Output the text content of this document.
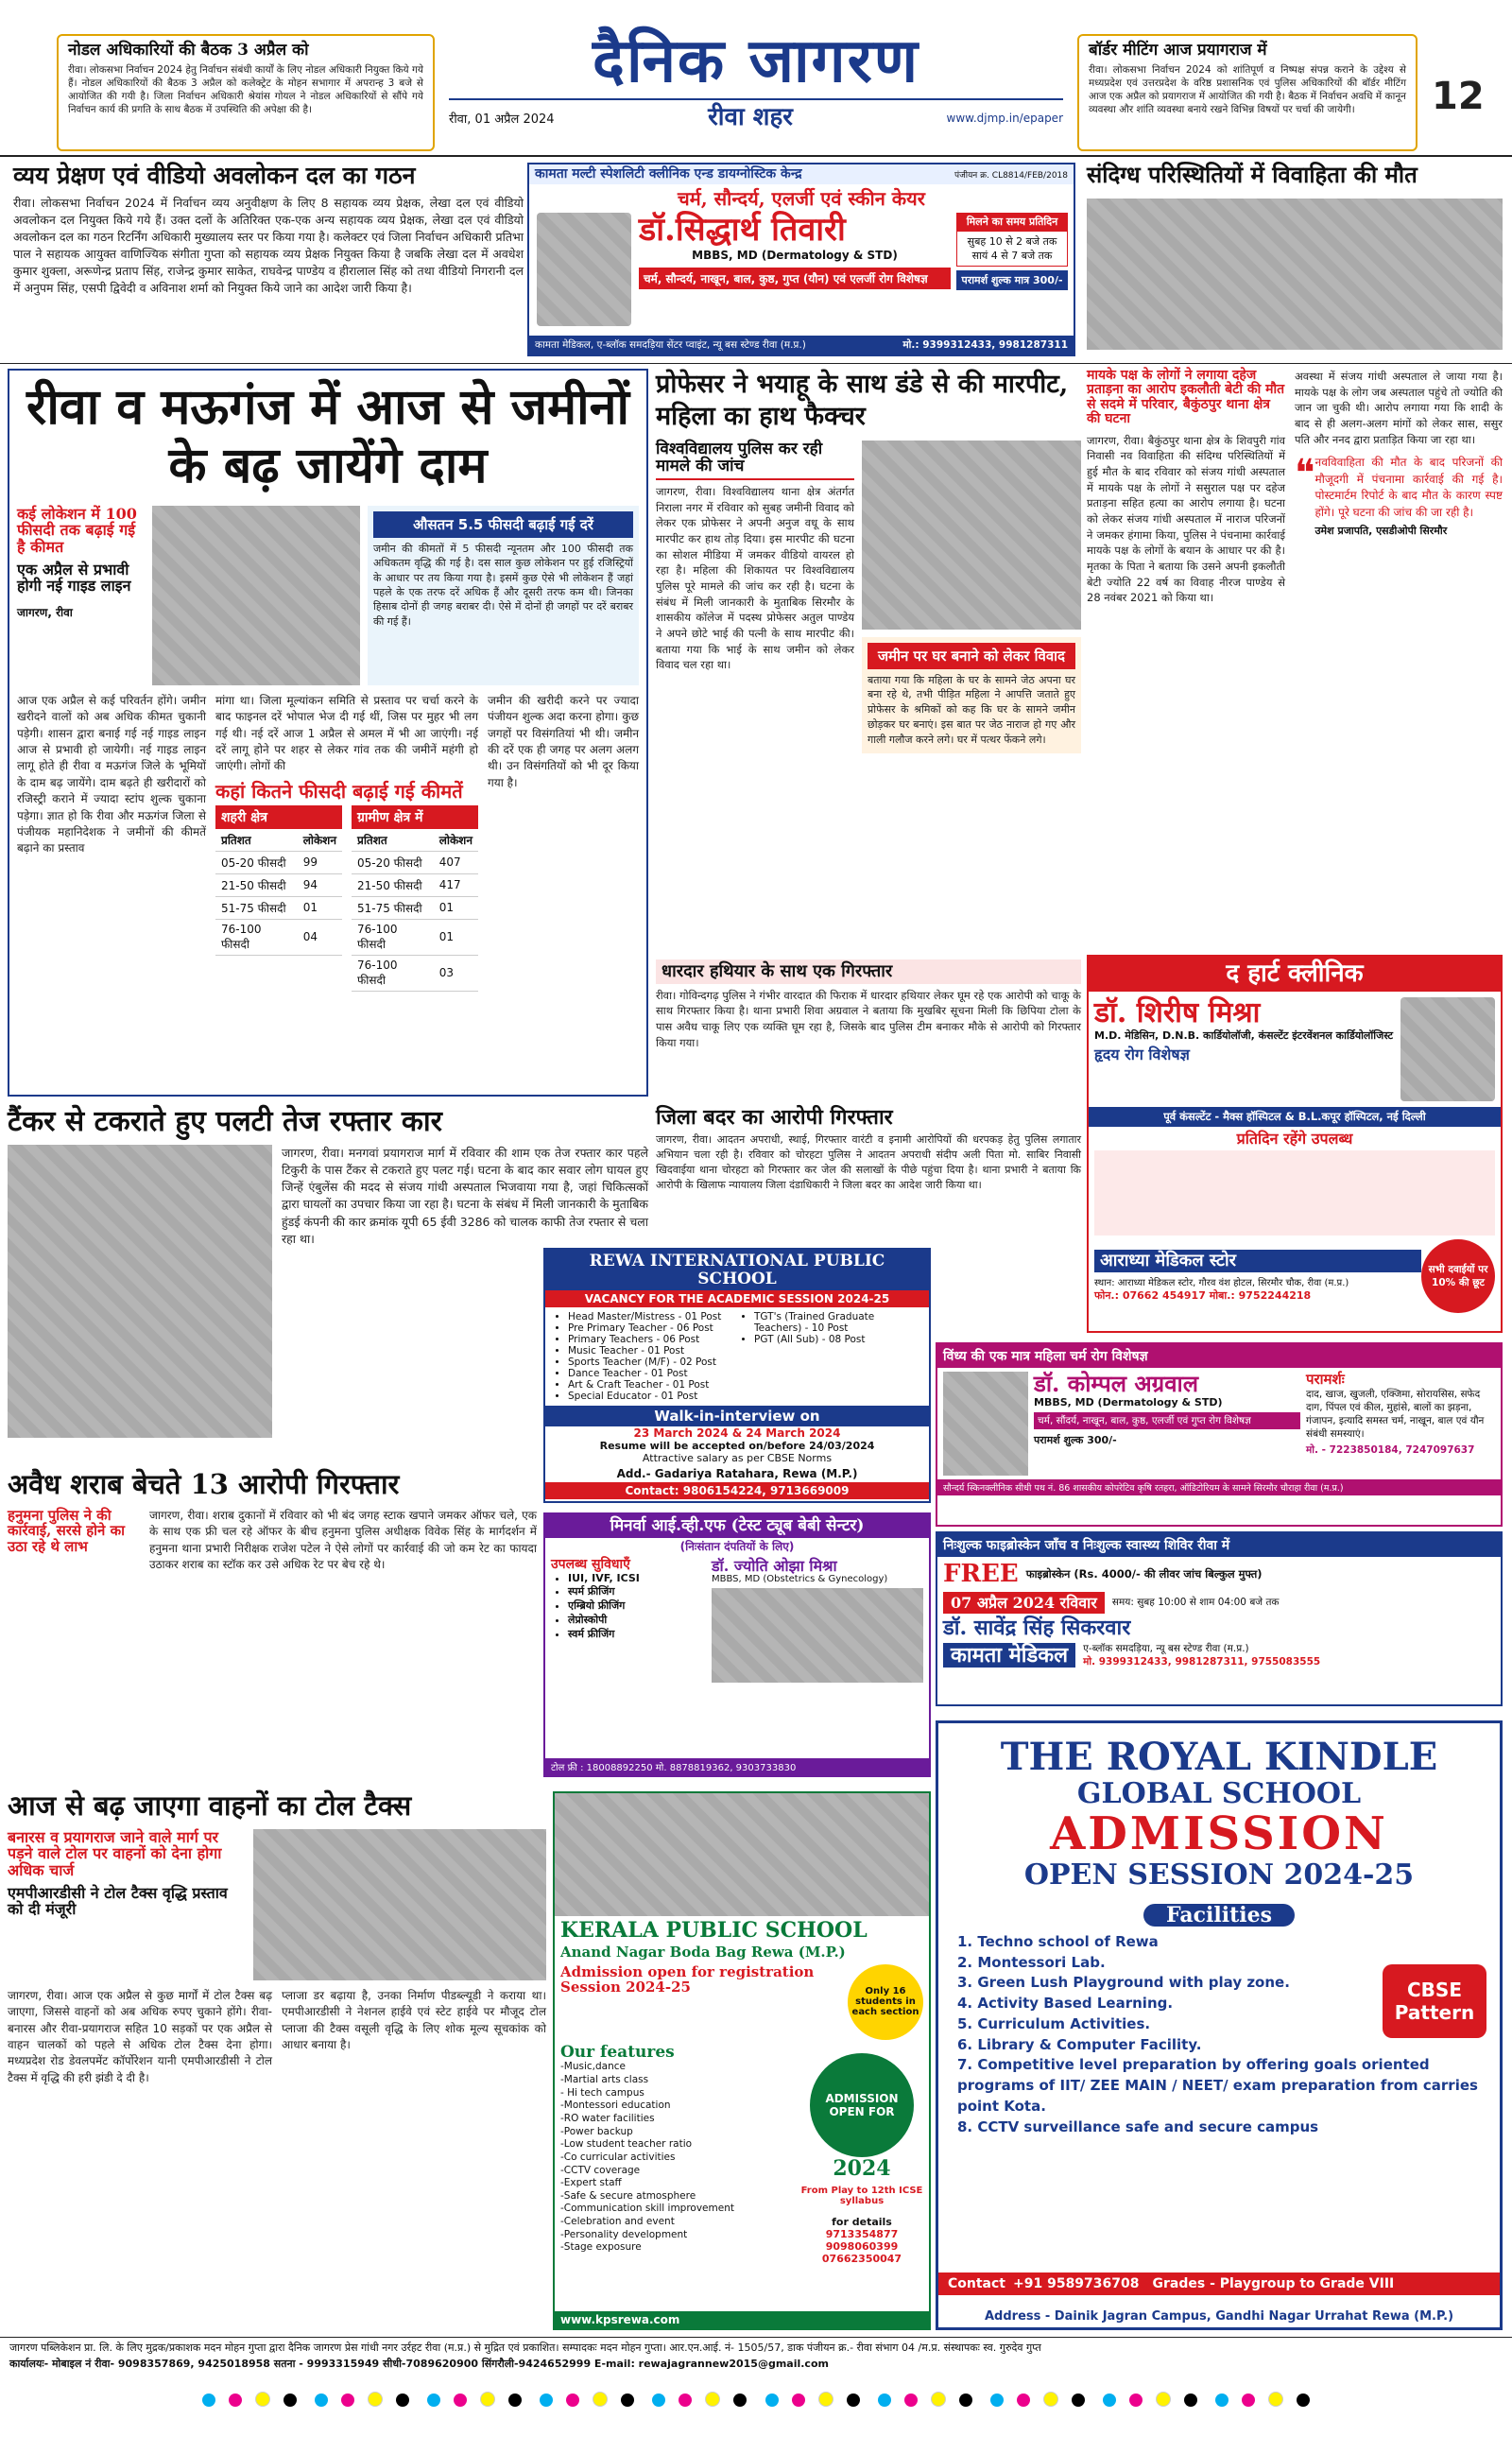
नोडल अधिकारियों की बैठक 3 अप्रैल को
रीवा। लोकसभा निर्वाचन 2024 हेतु निर्वाचन संबंधी कार्यों के लिए नोडल अधिकारी नियुक्त किये गये हैं। नोडल अधिकारियों की बैठक 3 अप्रैल को कलेक्ट्रेट के मोहन सभागार में अपरान्ह 3 बजे से आयोजित की गयी है। जिला निर्वाचन अधिकारी श्रेयांस गोयल ने नोडल अधिकारियों से सौंपे गये निर्वाचन कार्य की प्रगति के साथ बैठक में उपस्थिति की अपेक्षा की है।
दैनिक जागरण
रीवा, 01 अप्रैल 2024	रीवा शहर	www.djmp.in/epaper
बॉर्डर मीटिंग आज प्रयागराज में
रीवा। लोकसभा निर्वाचन 2024 को शांतिपूर्ण व निष्पक्ष संपन्न कराने के उद्देश्य से मध्यप्रदेश एवं उत्तरप्रदेश के वरिष्ठ प्रशासनिक एवं पुलिस अधिकारियों की बॉर्डर मीटिंग आज एक अप्रैल को प्रयागराज में आयोजित की गयी है। बैठक में निर्वाचन अवधि में कानून व्यवस्था और शांति व्यवस्था बनाये रखने विभिन्न विषयों पर चर्चा की जायेगी।	12
व्यय प्रेक्षण एवं वीडियो अवलोकन दल का गठन
रीवा। लोकसभा निर्वाचन 2024 में निर्वाचन व्यय अनुवीक्षण के लिए 8 सहायक व्यय प्रेक्षक, लेखा दल एवं वीडियो अवलोकन दल नियुक्त किये गये हैं। उक्त दलों के अतिरिक्त एक-एक अन्य सहायक व्यय प्रेक्षक, लेखा दल एवं वीडियो अवलोकन दल का गठन रिटर्निंग अधिकारी मुख्यालय स्तर पर किया गया है। कलेक्टर एवं जिला निर्वाचन अधिकारी प्रतिभा पाल ने सहायक आयुक्त वाणिज्यिक संगीता गुप्ता को सहायक व्यय प्रेक्षक नियुक्त किया है जबकि लेखा दल में अवधेश कुमार शुक्ला, अरूणेन्द्र प्रताप सिंह, राजेन्द्र कुमार साकेत, राघवेन्द्र पाण्डेय व हीरालाल सिंह को तथा वीडियो निगरानी दल में अनुपम सिंह, एसपी द्विवेदी व अविनाश शर्मा को नियुक्त किये जाने का आदेश जारी किया है।
कामता मल्टी स्पेशलिटी क्लीनिक एन्ड डायग्नोस्टिक केन्द्र	पंजीयन क्र. CL8814/FEB/2018
चर्म, सौन्दर्य, एलर्जी एवं स्कीन केयर
डॉ.सिद्धार्थ तिवारी
MBBS, MD (Dermatology & STD)
चर्म, सौन्दर्य, नाखून, बाल, कुष्ठ, गुप्त (यौन) एवं एलर्जी रोग विशेषज्ञ
मिलने का समय प्रतिदिन
सुबह 10 से 2 बजे तक सायं 4 से 7 बजे तक
परामर्श शुल्क मात्र 300/-
कामता मेडिकल, ए-ब्लॉक समदड़िया सेंटर प्वाइंट, न्यू बस स्टेण्ड रीवा (म.प्र.)	मो.: 9399312433, 9981287311
संदिग्ध परिस्थितियों में विवाहिता की मौत
रीवा व मऊगंज में आज से जमीनों के बढ़ जायेंगे दाम
कई लोकेशन में 100 फीसदी तक बढ़ाई गई है कीमत
एक अप्रैल से प्रभावी होगी नई गाइड लाइन
जागरण, रीवा
औसतन 5.5 फीसदी बढ़ाई गई दरें
जमीन की कीमतों में 5 फीसदी न्यूनतम और 100 फीसदी तक अधिकतम वृद्धि की गई है। दस साल कुछ लोकेशन पर हुई रजिस्ट्रियों के आधार पर तय किया गया है। इसमें कुछ ऐसे भी लोकेशन हैं जहां पहले के एक तरफ दरें अधिक हैं और दूसरी तरफ कम थी। जिनका हिसाब दोनों ही जगह बराबर दी। ऐसे में दोनों ही जगहों पर दरें बराबर की गई हैं।
आज एक अप्रैल से कई परिवर्तन होंगे। जमीन खरीदने वालों को अब अधिक कीमत चुकानी पड़ेगी। शासन द्वारा बनाई गई नई गाइड लाइन आज से प्रभावी हो जायेगी। नई गाइड लाइन लागू होते ही रीवा व मऊगंज जिले के भूमियों के दाम बढ़ जायेंगे। दाम बढ़ते ही खरीदारों को रजिस्ट्री कराने में ज्यादा स्टांप शुल्क चुकाना पड़ेगा। ज्ञात हो कि रीवा और मऊगंज जिला से पंजीयक महानिदेशक ने जमीनों की कीमतें बढ़ाने का प्रस्ताव
मांगा था। जिला मूल्यांकन समिति से प्रस्ताव पर चर्चा करने के बाद फाइनल दरें भोपाल भेज दी गई थीं, जिस पर मुहर भी लग गई थी। नई दरें आज 1 अप्रैल से अमल में भी आ जाएंगी। नई दरें लागू होने पर शहर से लेकर गांव तक की जमीनें महंगी हो जाएंगी। लोगों की
कहां कितने फीसदी बढ़ाई गई कीमतें
शहरी क्षेत्र
प्रतिशत	लोकेशन
05-20 फीसदी	99
21-50 फीसदी	94
51-75 फीसदी	01
76-100 फीसदी	04
ग्रामीण क्षेत्र में
प्रतिशत	लोकेशन
05-20 फीसदी	407
21-50 फीसदी	417
51-75 फीसदी	01
76-100 फीसदी	01
76-100 फीसदी	03
जमीन की खरीदी करने पर ज्यादा पंजीयन शुल्क अदा करना होगा। कुछ जगहों पर विसंगतियां भी थी। जमीन की दरें एक ही जगह पर अलग अलग थी। उन विसंगतियों को भी दूर किया गया है।
प्रोफेसर ने भयाहू के साथ डंडे से की मारपीट, महिला का हाथ फैक्चर
विश्वविद्यालय पुलिस कर रही मामले की जांच
जागरण, रीवा। विश्वविद्यालय थाना क्षेत्र अंतर्गत निराला नगर में रविवार को सुबह जमीनी विवाद को लेकर एक प्रोफेसर ने अपनी अनुज वधू के साथ मारपीट कर हाथ तोड़ दिया। इस मारपीट की घटना का सोशल मीडिया में जमकर वीडियो वायरल हो रहा है। महिला की शिकायत पर विश्वविद्यालय पुलिस पूरे मामले की जांच कर रही है। घटना के संबंध में मिली जानकारी के मुताबिक सिरमौर के शासकीय कॉलेज में पदस्थ प्रोफेसर अतुल पाण्डेय ने अपने छोटे भाई की पत्नी के साथ मारपीट की। बताया गया कि भाई के साथ जमीन को लेकर विवाद चल रहा था।
जमीन पर घर बनाने को लेकर विवाद
बताया गया कि महिला के घर के सामने जेठ अपना घर बना रहे थे, तभी पीड़ित महिला ने आपत्ति जताते हुए प्रोफेसर के श्रमिकों को कह कि घर के सामने जमीन छोड़कर घर बनाएं। इस बात पर जेठ नाराज हो गए और गाली गलौज करने लगे। घर में पत्थर फेंकने लगे।
धारदार हथियार के साथ एक गिरफ्तार
रीवा। गोविन्दगढ़ पुलिस ने गंभीर वारदात की फिराक में धारदार हथियार लेकर घूम रहे एक आरोपी को चाकू के साथ गिरफ्तार किया है। थाना प्रभारी शिवा अग्रवाल ने बताया कि मुखबिर सूचना मिली कि छिपिया टोला के पास अवैध चाकू लिए एक व्यक्ति घूम रहा है, जिसके बाद पुलिस टीम बनाकर मौके से आरोपी को गिरफ्तार किया गया।
मायके पक्ष के लोगों ने लगाया दहेज प्रताड़ना का आरोप इकलौती बेटी की मौत से सदमे में परिवार, बैकुंठपुर थाना क्षेत्र की घटना
जागरण, रीवा। बैकुंठपुर थाना क्षेत्र के शिवपुरी गांव निवासी नव विवाहिता की संदिग्ध परिस्थितियों में हुई मौत के बाद रविवार को संजय गांधी अस्पताल में मायके पक्ष के लोगों ने ससुराल पक्ष पर दहेज प्रताड़ना सहित हत्या का आरोप लगाया है। घटना को लेकर संजय गांधी अस्पताल में नाराज परिजनों ने जमकर हंगामा किया, पुलिस ने पंचनामा कार्रवाई मायके पक्ष के लोगों के बयान के आधार पर की है। मृतका के पिता ने बताया कि उसने अपनी इकलौती बेटी ज्योति 22 वर्ष का विवाह नीरज पाण्डेय से 28 नवंबर 2021 को किया था।
अवस्था में संजय गांधी अस्पताल ले जाया गया है। मायके पक्ष के लोग जब अस्पताल पहुंचे तो ज्योति की जान जा चुकी थी। आरोप लगाया गया कि शादी के बाद से ही अलग-अलग मांगों को लेकर सास, ससुर पति और ननद द्वारा प्रताड़ित किया जा रहा था।
❝ नवविवाहिता की मौत के बाद परिजनों की मौजूदगी में पंचनामा कार्रवाई की गई है। पोस्टमार्टम रिपोर्ट के बाद मौत के कारण स्पष्ट होंगे। पूरे घटना की जांच की जा रही है।
उमेश प्रजापति, एसडीओपी सिरमौर
द हार्ट क्लीनिक
डॉ. शिरीष मिश्रा
M.D. मेडिसिन, D.N.B. कार्डियोलॉजी, कंसल्टेंट इंटरवेंशनल कार्डियोलॉजिस्ट
हृदय रोग विशेषज्ञ
पूर्व कंसल्टेंट - मैक्स हॉस्पिटल & B.L.कपूर हॉस्पिटल, नई दिल्ली
प्रतिदिन रहेंगे उपलब्ध
आराध्या मेडिकल स्टोर
स्थान: आराध्या मेडिकल स्टोर, गौरव वंश होटल, सिरमौर चौक, रीवा (म.प्र.)
फोन.: 07662 454917 मोबा.: 9752244218
सभी दवाईयों पर 10% की छूट
टैंकर से टकराते हुए पलटी तेज रफ्तार कार
जागरण, रीवा। मनगवां प्रयागराज मार्ग में रविवार की शाम एक तेज रफ्तार कार पहले टिकुरी के पास टैंकर से टकराते हुए पलट गई। घटना के बाद कार सवार लोग घायल हुए जिन्हें एंबुलेंस की मदद से संजय गांधी अस्पताल भिजवाया गया है, जहां चिकित्सकों द्वारा घायलों का उपचार किया जा रहा है। घटना के संबंध में मिली जानकारी के मुताबिक हुंडई कंपनी की कार क्रमांक यूपी 65 ईवी 3286 को चालक काफी तेज रफ्तार से चला रहा था।
जिला बदर का आरोपी गिरफ्तार
जागरण, रीवा। आदतन अपराधी, स्थाई, गिरफ्तार वारंटी व इनामी आरोपियों की धरपकड़ हेतु पुलिस लगातार अभियान चला रही है। रविवार को चोरहटा पुलिस ने आदतन अपराधी संदीप अली पिता मो. साबिर निवासी खिदवाईया थाना चोरहटा को गिरफ्तार कर जेल की सलाखों के पीछे पहुंचा दिया है। थाना प्रभारी ने बताया कि आरोपी के खिलाफ न्यायालय जिला दंडाधिकारी ने जिला बदर का आदेश जारी किया था।
REWA INTERNATIONAL PUBLIC SCHOOL
VACANCY FOR THE ACADEMIC SESSION 2024-25
• Head Master/Mistress - 01 Post
• Pre Primary Teacher - 06 Post
• Primary Teachers - 06 Post
• Music Teacher - 01 Post
• Sports Teacher (M/F) - 02 Post
• Dance Teacher - 01 Post
• Art & Craft Teacher - 01 Post
• Special Educator - 01 Post
• TGT's (Trained Graduate Teachers) - 10 Post
• PGT (All Sub) - 08 Post
Walk-in-interview on
23 March 2024 & 24 March 2024
Resume will be accepted on/before 24/03/2024
Attractive salary as per CBSE Norms
Add.- Gadariya Ratahara, Rewa (M.P.)
Contact: 9806154224, 9713669009
विंध्य की एक मात्र महिला चर्म रोग विशेषज्ञ
डॉ. कोम्पल अग्रवाल
MBBS, MD (Dermatology & STD)
चर्म, सौंदर्य, नाखून, बाल, कुष्ठ, एलर्जी एवं गुप्त रोग विशेषज्ञ
परामर्श शुल्क 300/-
परामर्शः
दाद, खाज, खुजली, एक्जिमा, सोरायसिस, सफेद दाग, पिंपल एवं कील, मुहांसे, बालों का झड़ना, गंजापन, इत्यादि समस्त चर्म, नाखून, बाल एवं यौन संबंधी समस्याएं।
मो. - 7223850184, 7247097637
सौन्दर्य स्किनक्लीनिक सीधी पथ नं. 86 शासकीय कोपरेटिव कृषि रतहरा, ऑडिटोरियम के सामने सिरमौर चौराहा रीवा (म.प्र.)
अवैध शराब बेचते 13 आरोपी गिरफ्तार
हनुमना पुलिस ने की कार्रवाई, सरसे होने का उठा रहे थे लाभ
जागरण, रीवा। शराब दुकानों में रविवार को भी बंद जगह स्टाक खपाने जमकर ऑफर चले, एक के साथ एक फ्री चल रहे ऑफर के बीच हनुमना पुलिस अधीक्षक विवेक सिंह के मार्गदर्शन में हनुमना थाना प्रभारी निरीक्षक राजेश पटेल ने ऐसे लोगों पर कार्रवाई की जो कम रेट का फायदा उठाकर शराब का स्टॉक कर उसे अधिक रेट पर बेच रहे थे।
मिनर्वा आई.व्ही.एफ (टेस्ट ट्यूब बेबी सेन्टर)
(निःसंतान दंपतियों के लिए)
उपलब्ध सुविधाएँ
• IUI, IVF, ICSI
• स्पर्म फ्रीजिंग
• एम्ब्रियो फ्रीजिंग
• लेप्रोस्कोपी
• स्वर्म फ्रीजिंग
डॉ. ज्योति ओझा मिश्रा
MBBS, MD (Obstetrics & Gynecology)
टोल फ्री : 18008892250 मो. 8878819362, 9303733830
निःशुल्क फाइब्रोस्केन जाँच व निःशुल्क स्वास्थ्य शिविर रीवा में
FREE फाइब्रोस्केन (Rs. 4000/- की लीवर जांच बिल्कुल मुफ्त)
07 अप्रैल 2024 रविवार	समय: सुबह 10:00 से शाम 04:00 बजे तक
डॉ. सावेंद्र सिंह सिकरवार
कामता मेडिकल	ए-ब्लॉक समदड़िया, न्यू बस स्टेण्ड रीवा (म.प्र.)
मो. 9399312433, 9981287311, 9755083555
THE ROYAL KINDLE
GLOBAL SCHOOL
ADMISSION
OPEN SESSION 2024-25
CBSE Pattern
Facilities
1. Techno school of Rewa
2. Montessori Lab.
3. Green Lush Playground with play zone.
4. Activity Based Learning.
5. Curriculum Activities.
6. Library & Computer Facility.
7. Competitive level preparation by offering goals oriented programs of IIT/ ZEE MAIN / NEET/ exam preparation from carries point Kota.
8. CCTV surveillance safe and secure campus
Contact +91 9589736708 Grades - Playgroup to Grade VIII
Address - Dainik Jagran Campus, Gandhi Nagar Urrahat Rewa (M.P.)
आज से बढ़ जाएगा वाहनों का टोल टैक्स
बनारस व प्रयागराज जाने वाले मार्ग पर पड़ने वाले टोल पर वाहनों को देना होगा अधिक चार्ज
एमपीआरडीसी ने टोल टैक्स वृद्धि प्रस्ताव को दी मंजूरी
जागरण, रीवा। आज एक अप्रैल से कुछ मार्गों में टोल टैक्स बढ़ जाएगा, जिससे वाहनों को अब अधिक रुपए चुकाने होंगे। रीवा- बनारस और रीवा-प्रयागराज सहित 10 सड़कों पर एक अप्रैल से वाहन चालकों को पहले से अधिक टोल टैक्स देना होगा। मध्यप्रदेश रोड डेवलपमेंट कॉर्पोरेशन यानी एमपीआरडीसी ने टोल टैक्स में वृद्धि की हरी झंडी दे दी है।
प्लाजा डर बढ़ाया है, उनका निर्माण पीडब्ल्यूडी ने कराया था। एमपीआरडीसी ने नेशनल हाईवे एवं स्टेट हाईवे पर मौजूद टोल प्लाजा की टैक्स वसूली वृद्धि के लिए शोक मूल्य सूचकांक को आधार बनाया है।
KERALA PUBLIC SCHOOL
Anand Nagar Boda Bag Rewa (M.P.)
Admission open for registration Session 2024-25	Only 16 students in each section
Our features
-Music,dance
-Martial arts class
- Hi tech campus
-Montessori education
-RO water facilities
-Power backup
-Low student teacher ratio
-Co curricular activities
-CCTV coverage
-Expert staff
-Safe & secure atmosphere
-Communication skill improvement
-Celebration and event
-Personality development
-Stage exposure
ADMISSION OPEN FOR
2024
From Play to 12th ICSE syllabus
for details
9713354877
9098060399
07662350047
www.kpsrewa.com
जागरण पब्लिकेशन प्रा. लि. के लिए मुद्रक/प्रकाशक मदन मोहन गुप्ता द्वारा दैनिक जागरण प्रेस गांधी नगर उर्रहट रीवा (म.प्र.) से मुद्रित एवं प्रकाशित। सम्पादकः मदन मोहन गुप्ता। आर.एन.आई. नं- 1505/57, डाक पंजीयन क्र.- रीवा संभाग 04 /म.प्र. संस्थापकः स्व. गुरुदेव गुप्त
कार्यालयः- मोबाइल नं रीवा- 9098357869, 9425018958 सतना - 9993315949 सीधी-7089620900 सिंगरौली-9424652999 E-mail: rewajagrannew2015@gmail.com
